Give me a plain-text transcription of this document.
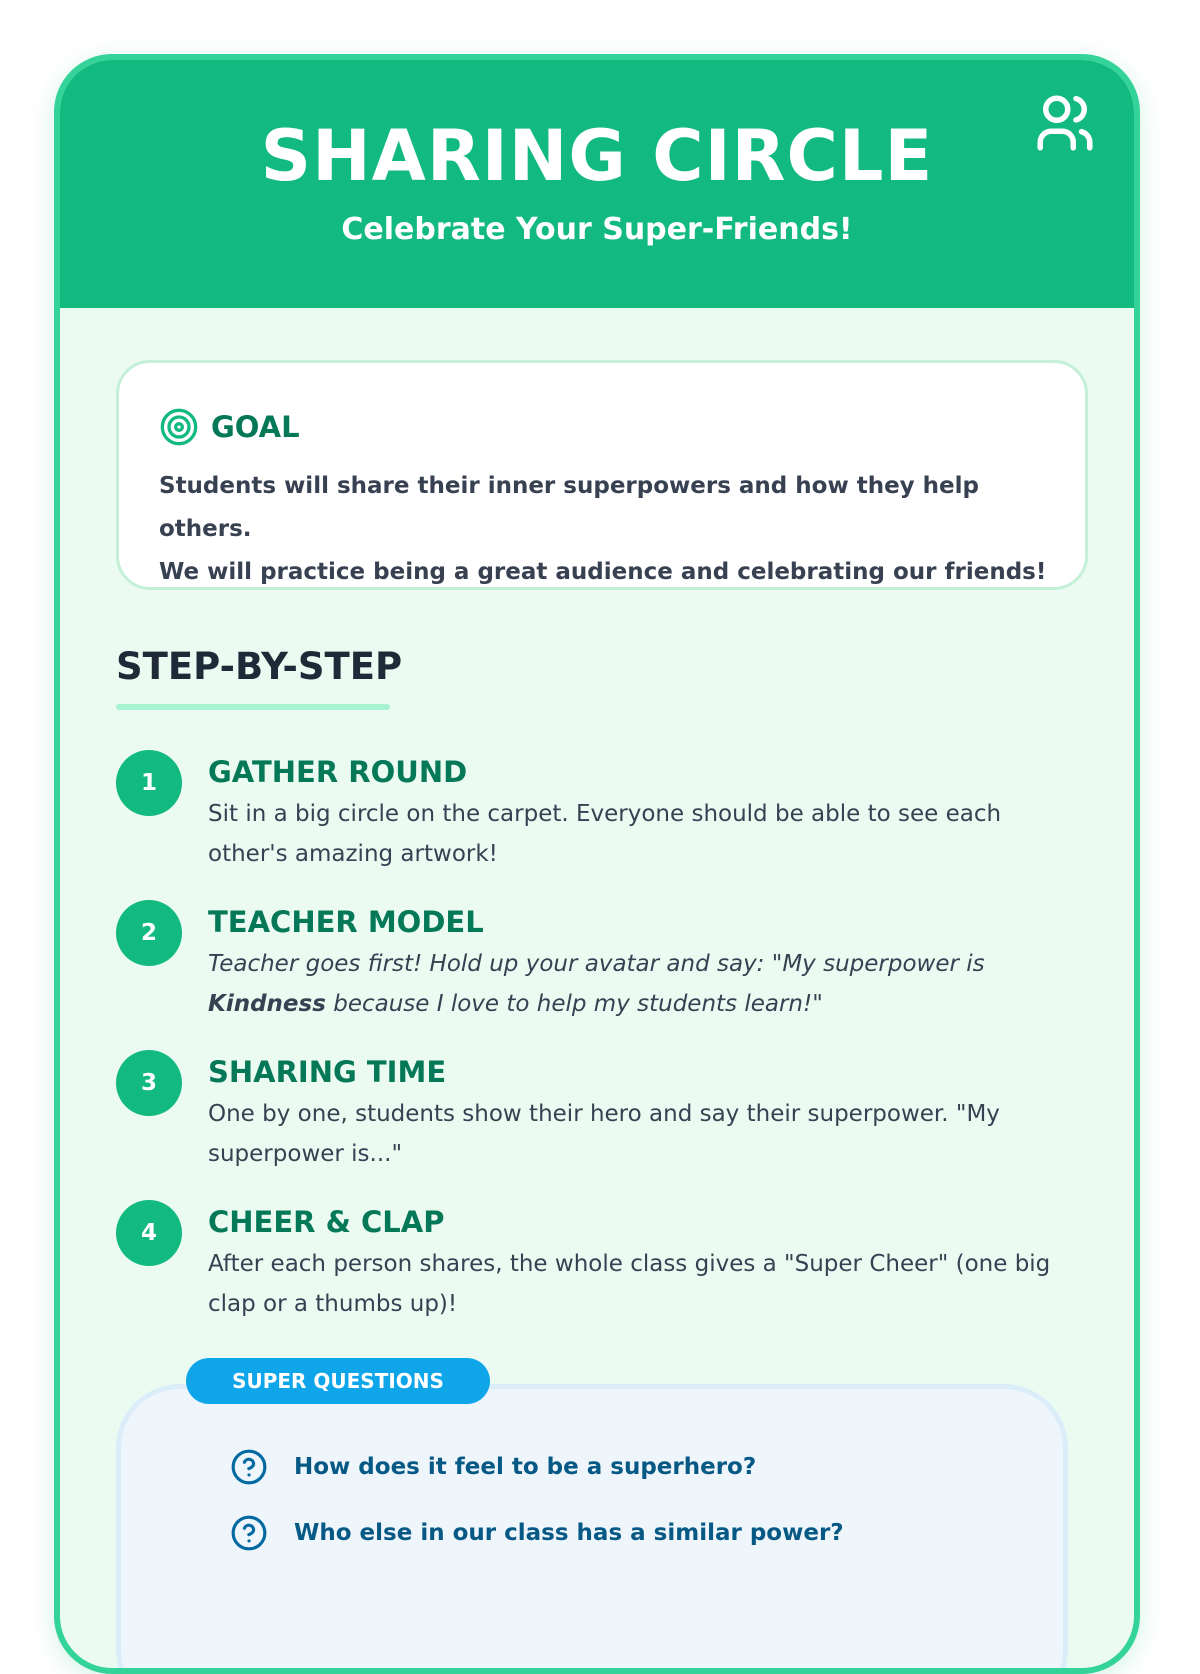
SHARING CIRCLE
Celebrate Your Super-Friends!
GOAL
Students will share their inner superpowers and how they help others.
We will practice being a great audience and celebrating our friends!
STEP-BY-STEP
1	GATHER ROUND
Sit in a big circle on the carpet. Everyone should be able to see each
other's amazing artwork!
2	TEACHER MODEL
Teacher goes first! Hold up your avatar and say: "My superpower is
Kindness because I love to help my students learn!"
3	SHARING TIME
One by one, students show their hero and say their superpower. "My
superpower is..."
4	CHEER & CLAP
After each person shares, the whole class gives a "Super Cheer" (one big
clap or a thumbs up)!
SUPER QUESTIONS
How does it feel to be a superhero?
Who else in our class has a similar power?
